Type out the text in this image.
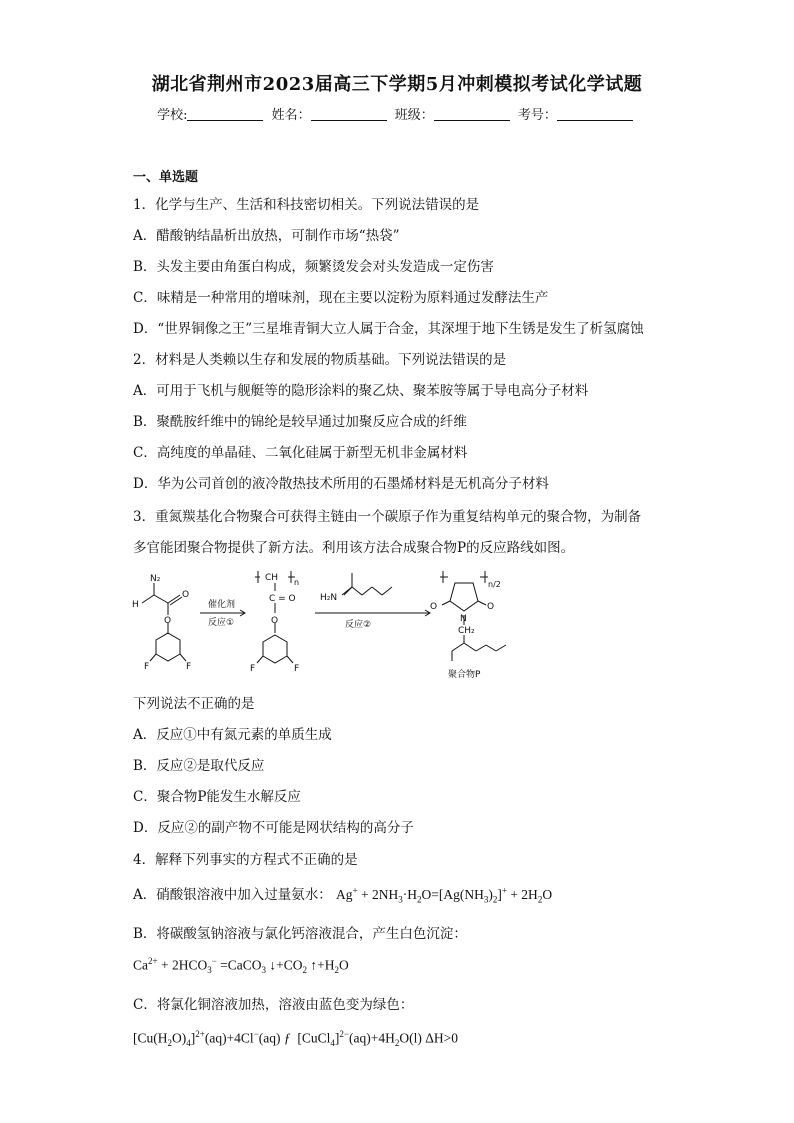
湖北省荆州市2023届高三下学期5月冲刺模拟考试化学试题
学校:	姓名：	班级：	考号：
一、单选题
1．化学与生产、生活和科技密切相关。下列说法错误的是
A．醋酸钠结晶析出放热，可制作市场“热袋”
B．头发主要由角蛋白构成，频繁烫发会对头发造成一定伤害
C．味精是一种常用的增味剂，现在主要以淀粉为原料通过发酵法生产
D．“世界铜像之王”三星堆青铜大立人属于合金，其深埋于地下生锈是发生了析氢腐蚀
2．材料是人类赖以生存和发展的物质基础。下列说法错误的是
A．可用于飞机与舰艇等的隐形涂料的聚乙炔、聚苯胺等属于导电高分子材料
B．聚酰胺纤维中的锦纶是较早通过加聚反应合成的纤维
C．高纯度的单晶硅、二氧化硅属于新型无机非金属材料
D．华为公司首创的液冷散热技术所用的石墨烯材料是无机高分子材料
3．重氮羰基化合物聚合可获得主链由一个碳原子作为重复结构单元的聚合物，为制备
多官能团聚合物提供了新方法。利用该方法合成聚合物P的反应路线如图。
N₂
H
O
O
F	F
催化剂
反应①
CH n
C = O
O
F	F
H₂N
反应②
n/2
O	O
N
CH₂
聚合物P
下列说法不正确的是
A．反应①中有氮元素的单质生成
B．反应②是取代反应
C．聚合物P能发生水解反应
D．反应②的副产物不可能是网状结构的高分子
4．解释下列事实的方程式不正确的是
A．硝酸银溶液中加入过量氨水： $Ag^+ + 2NH_3\cdot H_2O=[Ag(NH_3)_2]^+ + 2H_2O$
B．将碳酸氢钠溶液与氯化钙溶液混合，产生白色沉淀：
$Ca^{2+} + 2HCO_3^-$ =CaCO$_3$ $↓+CO_2$ $↑+H_2O$
C．将氯化铜溶液加热，溶液由蓝色变为绿色：
$[Cu(H_2O)_4]^{2+}(aq)+4Cl^-(aq)$ ƒ  $[CuCl_4]^{2-}(aq)+4H_2O(l)$ ΔH>0
